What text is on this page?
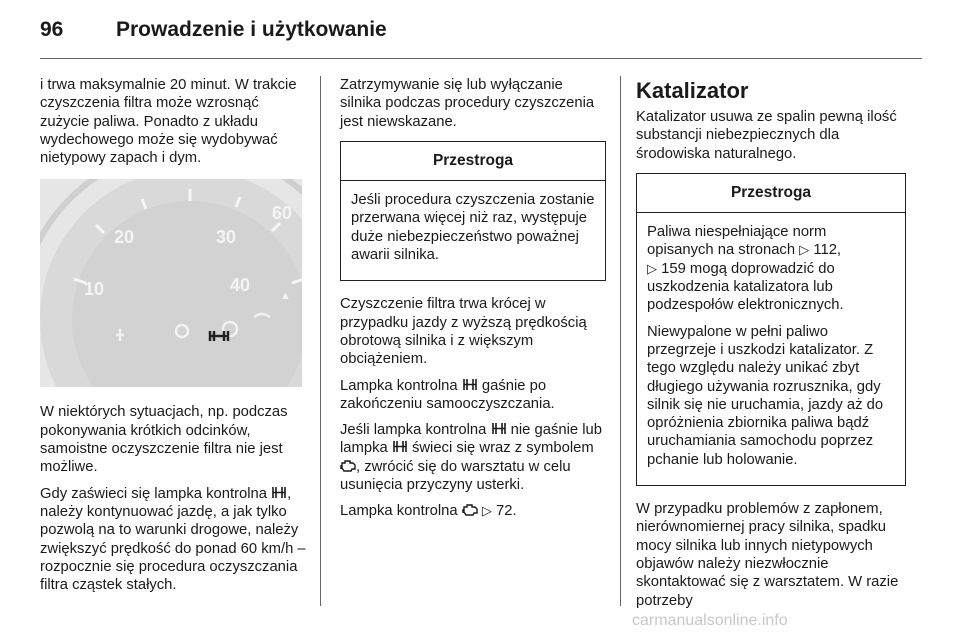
96	Prowadzenie i użytkowanie

i trwa maksymalnie 20 minut. W trakcie czyszczenia filtra może wzrosnąć zużycie paliwa. Ponadto z układu wydechowego może się wydobywać nietypowy zapach i dym.

20
10
30
40
60
▲

W niektórych sytuacjach, np. podczas pokonywania krótkich odcinków, samoistne oczyszczenie filtra nie jest możliwe.

Gdy zaświeci się lampka kontrolna , należy kontynuować jazdę, a jak tylko pozwolą na to warunki drogowe, należy zwiększyć prędkość do ponad 60 km/h – rozpocznie się procedura oczyszczania filtra cząstek stałych.

Zatrzymywanie się lub wyłączanie silnika podczas procedury czyszczenia jest niewskazane.

Przestroga

Jeśli procedura czyszczenia zostanie przerwana więcej niż raz, występuje duże niebezpieczeństwo poważnej awarii silnika.

Czyszczenie filtra trwa krócej w przypadku jazdy z wyższą prędkością obrotową silnika i z większym obciążeniem.

Lampka kontrolna gaśnie po zakończeniu samooczyszczania.

Jeśli lampka kontrolna nie gaśnie lub lampka świeci się wraz z symbolem
, zwrócić się do warsztatu w celu usunięcia przyczyny usterki.

Lampka kontrolna ▷ 72.

Katalizator

Katalizator usuwa ze spalin pewną ilość substancji niebezpiecznych dla środowiska naturalnego.

Przestroga

Paliwa niespełniające norm opisanych na stronach ▷ 112,
▷ 159 mogą doprowadzić do uszkodzenia katalizatora lub podzespołów elektronicznych.

Niewypalone w pełni paliwo przegrzeje i uszkodzi katalizator. Z tego względu należy unikać zbyt długiego używania rozrusznika, gdy silnik się nie uruchamia, jazdy aż do opróżnienia zbiornika paliwa bądź uruchamiania samochodu poprzez pchanie lub holowanie.

W przypadku problemów z zapłonem, nierównomiernej pracy silnika, spadku mocy silnika lub innych nietypowych objawów należy niezwłocznie skontaktować się z warsztatem. W razie potrzeby

carmanualsonline.info
